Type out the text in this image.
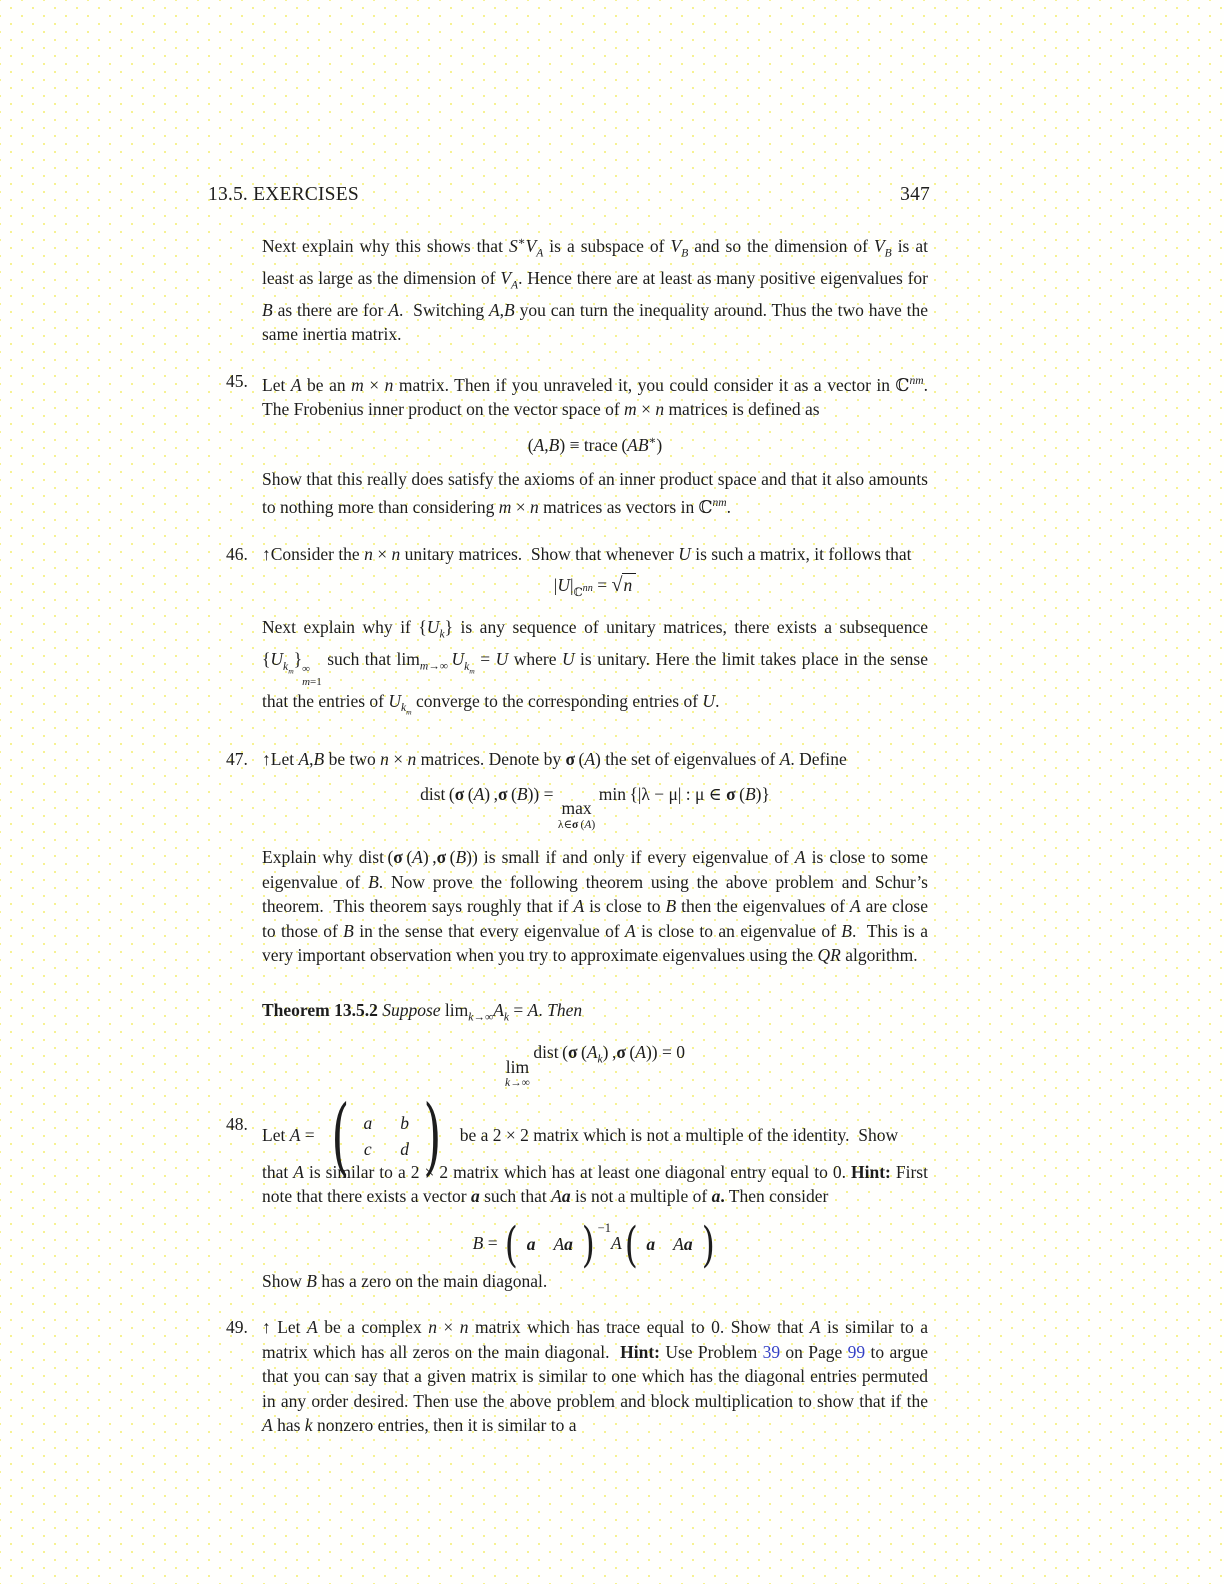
13.5. EXERCISES	347
Next explain why this shows that $S^∗V_A$ is a subspace of $V_B$ and so the dimension of $V_B$ is at least as large as the dimension of $V_A$. Hence there are at least as many positive eigenvalues for B as there are for A.  Switching A,B you can turn the inequality around. Thus the two have the same inertia matrix.
45. Let A be an m × n matrix. Then if you unraveled it, you could consider it as a vector in ℂ$^{nm}$. The Frobenius inner product on the vector space of m × n matrices is defined as
(A,B) ≡ trace (AB∗)
Show that this really does satisfy the axioms of an inner product space and that it also amounts to nothing more than considering m × n matrices as vectors in ℂ$^{nm}$.
46. ↑Consider the n × n unitary matrices.  Show that whenever U is such a matrix, it follows that
$|U|_{ℂ^{nn}} = √n$
Next explain why if $\{U_k\}$ is any sequence of unitary matrices, there exists a subsequence $\{U_{k_m}\}$
∞
m=1
such that $\lim_{m\to\infty} U_{k_m} = U$ where U is unitary. Here the limit takes place in the sense that the entries of $U_{k_m}$ converge to the corresponding entries of U.
47. ↑Let A,B be two n × n matrices. Denote by σ (A) the set of eigenvalues of A. Define
dist (σ (A) ,σ (B)) =
max
λ∈σ (A)
 min {|λ − μ| : μ ∈ σ (B)}
Explain why dist (σ (A) ,σ (B)) is small if and only if every eigenvalue of A is close to some eigenvalue of B. Now prove the following theorem using the above problem and Schur’s theorem.  This theorem says roughly that if A is close to B then the eigenvalues of A are close to those of B in the sense that every eigenvalue of A is close to an eigenvalue of B.  This is a very important observation when you try to approximate eigenvalues using the QR algorithm.
Theorem 13.5.2 Suppose $\lim_{k\to\infty}A_k = A$. Then
lim
k→∞
 dist (σ $(A_k)$ ,σ (A)) = 0
48.
Let A = ( a b
c d ) be a 2 × 2 matrix which is not a multiple of the identity.  Show
that A is similar to a 2 × 2 matrix which has at least one diagonal entry equal to 0. Hint: First note that there exists a vector a such that Aa is not a multiple of a. Then consider
B = ( a Aa ) $^{-1}$A( a Aa )
Show B has a zero on the main diagonal.
49. ↑ Let A be a complex n × n matrix which has trace equal to 0. Show that A is similar to a matrix which has all zeros on the main diagonal.  Hint: Use Problem 39 on Page 99 to argue that you can say that a given matrix is similar to one which has the diagonal entries permuted in any order desired. Then use the above problem and block multiplication to show that if the A has k nonzero entries, then it is similar to a
